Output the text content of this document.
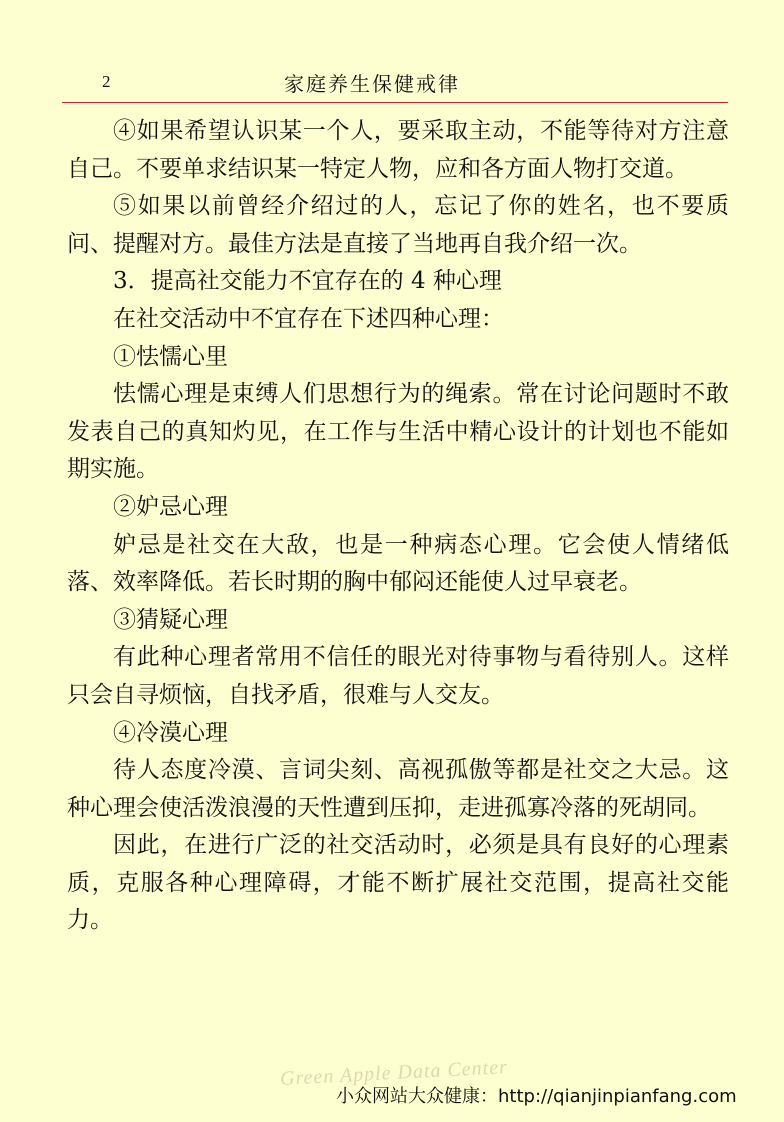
2	家庭养生保健戒律

④如果希望认识某一个人，要采取主动，不能等待对方注意自己。不要单求结识某一特定人物，应和各方面人物打交道。

⑤如果以前曾经介绍过的人，忘记了你的姓名，也不要质问、提醒对方。最佳方法是直接了当地再自我介绍一次。

3．提高社交能力不宜存在的 4 种心理

在社交活动中不宜存在下述四种心理：

①怯懦心里

怯懦心理是束缚人们思想行为的绳索。常在讨论问题时不敢发表自己的真知灼见，在工作与生活中精心设计的计划也不能如期实施。

②妒忌心理

妒忌是社交在大敌，也是一种病态心理。它会使人情绪低落、效率降低。若长时期的胸中郁闷还能使人过早衰老。

③猜疑心理

有此种心理者常用不信任的眼光对待事物与看待别人。这样只会自寻烦恼，自找矛盾，很难与人交友。

④冷漠心理

待人态度冷漠、言词尖刻、高视孤傲等都是社交之大忌。这种心理会使活泼浪漫的天性遭到压抑，走进孤寡冷落的死胡同。

因此，在进行广泛的社交活动时，必须是具有良好的心理素质，克服各种心理障碍，才能不断扩展社交范围，提高社交能力。

Green Apple Data Center
小众网站大众健康：http://qianjinpianfang.com
